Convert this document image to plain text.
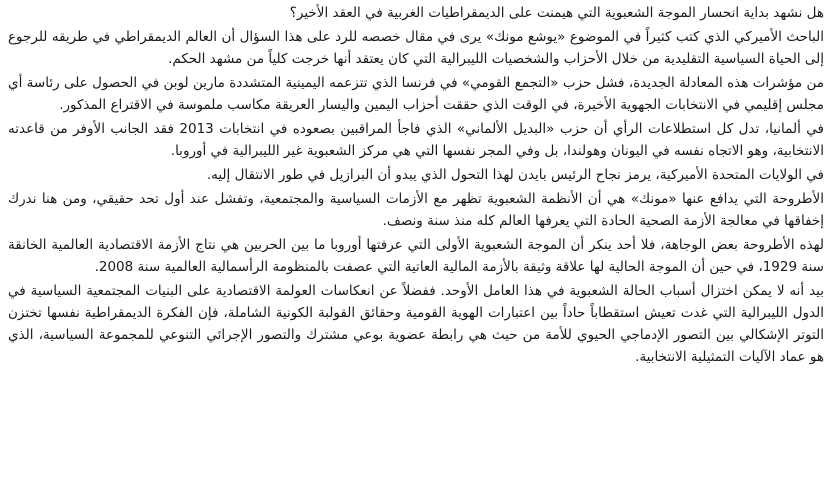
هل نشهد بداية انحسار الموجة الشعبوية التي هيمنت على الديمقراطيات الغربية في العقد الأخير؟

الباحث الأميركي الذي كتب كثيراً في الموضوع «يوشع مونك» يرى في مقال خصصه للرد على هذا السؤال أن العالم الديمقراطي في طريقه للرجوع إلى الحياة السياسية التقليدية من خلال الأحزاب والشخصيات الليبرالية التي كان يعتقد أنها خرجت كلياً من مشهد الحكم.

من مؤشرات هذه المعادلة الجديدة، فشل حزب «التجمع القومي» في فرنسا الذي تتزعمه اليمينية المتشددة مارين لوبن في الحصول على رئاسة أي مجلس إقليمي في الانتخابات الجهوية الأخيرة، في الوقت الذي حققت أحزاب اليمين واليسار العريقة مكاسب ملموسة في الاقتراع المذكور.

في ألمانيا، تدل كل استطلاعات الرأي أن حزب «البديل الألماني» الذي فاجأ المراقبين بصعوده في انتخابات 2013 فقد الجانب الأوفر من قاعدته الانتخابية، وهو الاتجاه نفسه في اليونان وهولندا، بل وفي المجر نفسها التي هي مركز الشعبوية غير الليبرالية في أوروبا.

في الولايات المتحدة الأميركية، يرمز نجاح الرئيس بايدن لهذا التحول الذي يبدو أن البرازيل في طور الانتقال إليه.

الأطروحة التي يدافع عنها «مونك» هي أن الأنظمة الشعبوية تظهر مع الأزمات السياسية والمجتمعية، وتفشل عند أول تحد حقيقي، ومن هنا ندرك إخفاقها في معالجة الأزمة الصحية الحادة التي يعرفها العالم كله منذ سنة ونصف.

لهذه الأطروحة بعض الوجاهة، فلا أحد ينكر أن الموجة الشعبوية الأولى التي عرفتها أوروبا ما بين الحربين هي نتاج الأزمة الاقتصادية العالمية الخانقة سنة 1929، في حين أن الموجة الحالية لها علاقة وثيقة بالأزمة المالية العاتية التي عصفت بالمنظومة الرأسمالية العالمية سنة 2008.

بيد أنه لا يمكن اختزال أسباب الحالة الشعبوية في هذا العامل الأوحد. ففضلاً عن انعكاسات العولمة الاقتصادية على البنيات المجتمعية السياسية في الدول الليبرالية التي غدت تعيش استقطاباً حاداً بين اعتبارات الهوية القومية وحقائق القولبة الكونية الشاملة، فإن الفكرة الديمقراطية نفسها تختزن التوتر الإشكالي بين التصور الإدماجي الحيوي للأمة من حيث هي رابطة عضوية بوعي مشترك والتصور الإجرائي التنوعي للمجموعة السياسية، الذي هو عماد الآليات التمثيلية الانتخابية.
